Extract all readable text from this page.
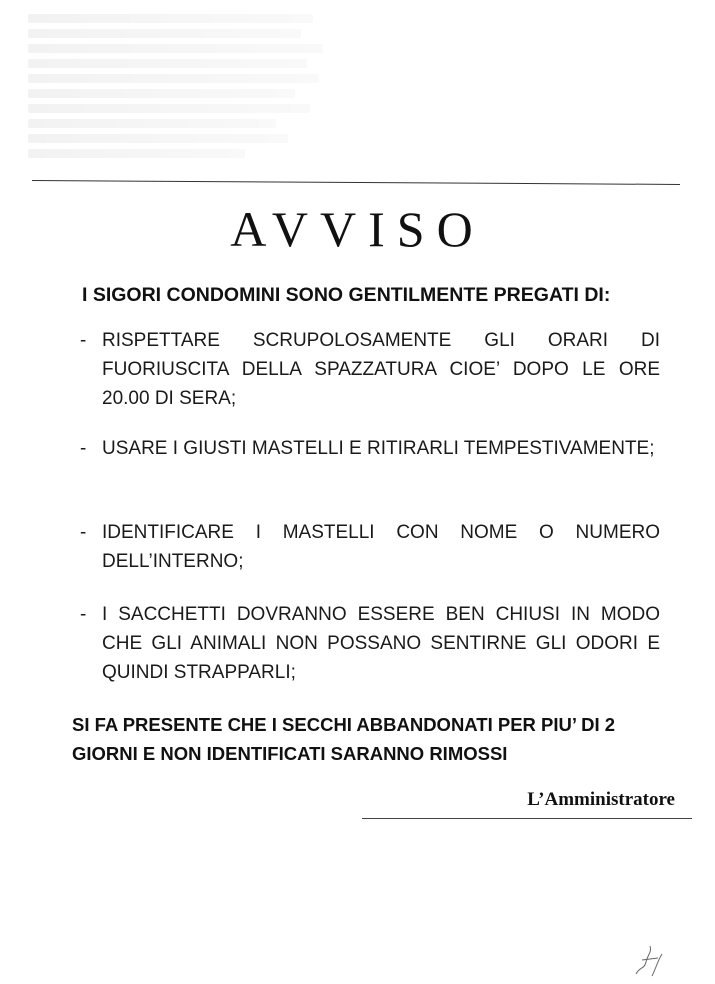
AVVISO
I SIGORI CONDOMINI SONO GENTILMENTE PREGATI DI:
- RISPETTARE SCRUPOLOSAMENTE GLI ORARI DI FUORIUSCITA DELLA SPAZZATURA CIOE’ DOPO LE ORE 20.00 DI SERA;
- USARE I GIUSTI MASTELLI E RITIRARLI TEMPESTIVAMENTE;
- IDENTIFICARE I MASTELLI CON NOME O NUMERO DELL’INTERNO;
- I SACCHETTI DOVRANNO ESSERE BEN CHIUSI IN MODO CHE GLI ANIMALI NON POSSANO SENTIRNE GLI ODORI E QUINDI STRAPPARLI;
SI FA PRESENTE CHE I SECCHI ABBANDONATI PER PIU’ DI 2 GIORNI E NON IDENTIFICATI SARANNO RIMOSSI
L’Amministratore
